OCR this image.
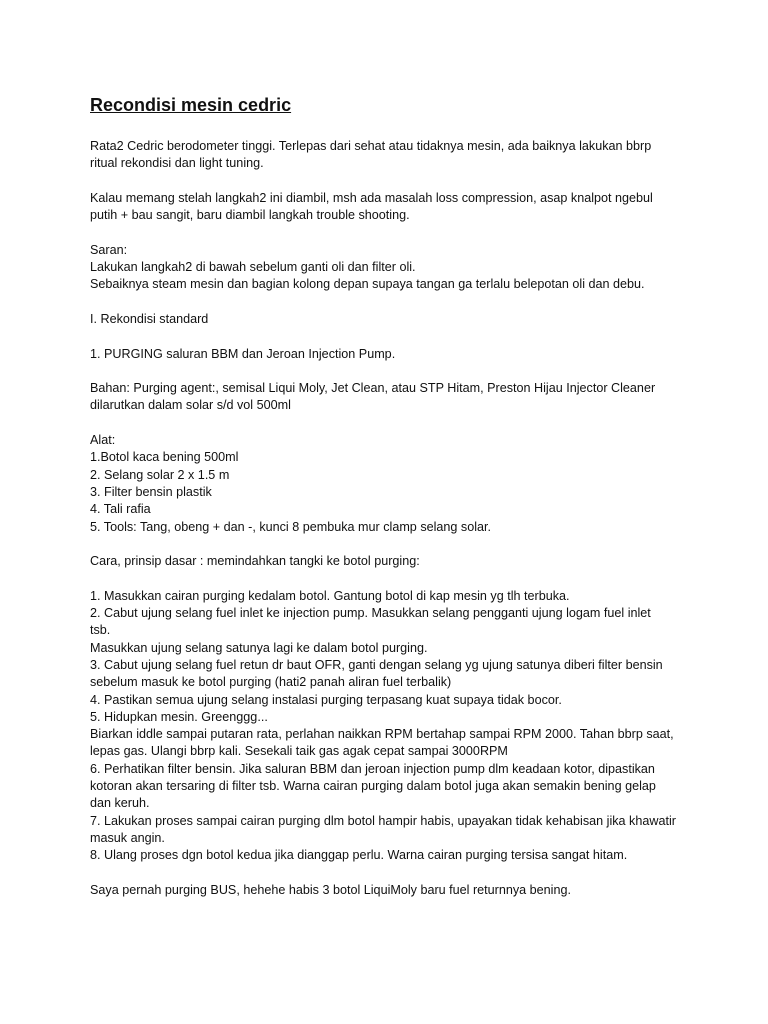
Recondisi mesin cedric
Rata2 Cedric berodometer tinggi. Terlepas dari sehat atau tidaknya mesin, ada baiknya lakukan bbrp
ritual rekondisi dan light tuning.
Kalau memang stelah langkah2 ini diambil, msh ada masalah loss compression, asap knalpot ngebul
putih + bau sangit, baru diambil langkah trouble shooting.
Saran:
Lakukan langkah2 di bawah sebelum ganti oli dan filter oli.
Sebaiknya steam mesin dan bagian kolong depan supaya tangan ga terlalu belepotan oli dan debu.
I. Rekondisi standard
1. PURGING saluran BBM dan Jeroan Injection Pump.
Bahan: Purging agent:, semisal Liqui Moly, Jet Clean, atau STP Hitam, Preston Hijau Injector Cleaner
dilarutkan dalam solar s/d vol 500ml
Alat:
1.Botol kaca bening 500ml
2. Selang solar 2 x 1.5 m
3. Filter bensin plastik
4. Tali rafia
5. Tools: Tang, obeng + dan -, kunci 8 pembuka mur clamp selang solar.
Cara, prinsip dasar : memindahkan tangki ke botol purging:
1. Masukkan cairan purging kedalam botol. Gantung botol di kap mesin yg tlh terbuka.
2. Cabut ujung selang fuel inlet ke injection pump. Masukkan selang pengganti ujung logam fuel inlet
tsb.
Masukkan ujung selang satunya lagi ke dalam botol purging.
3. Cabut ujung selang fuel retun dr baut OFR, ganti dengan selang yg ujung satunya diberi filter bensin
sebelum masuk ke botol purging (hati2 panah aliran fuel terbalik)
4. Pastikan semua ujung selang instalasi purging terpasang kuat supaya tidak bocor.
5. Hidupkan mesin. Greenggg...
Biarkan iddle sampai putaran rata, perlahan naikkan RPM bertahap sampai RPM 2000. Tahan bbrp saat,
lepas gas. Ulangi bbrp kali. Sesekali taik gas agak cepat sampai 3000RPM
6. Perhatikan filter bensin. Jika saluran BBM dan jeroan injection pump dlm keadaan kotor, dipastikan
kotoran akan tersaring di filter tsb. Warna cairan purging dalam botol juga akan semakin bening gelap
dan keruh.
7. Lakukan proses sampai cairan purging dlm botol hampir habis, upayakan tidak kehabisan jika khawatir
masuk angin.
8. Ulang proses dgn botol kedua jika dianggap perlu. Warna cairan purging tersisa sangat hitam.
Saya pernah purging BUS, hehehe habis 3 botol LiquiMoly baru fuel returnnya bening.
